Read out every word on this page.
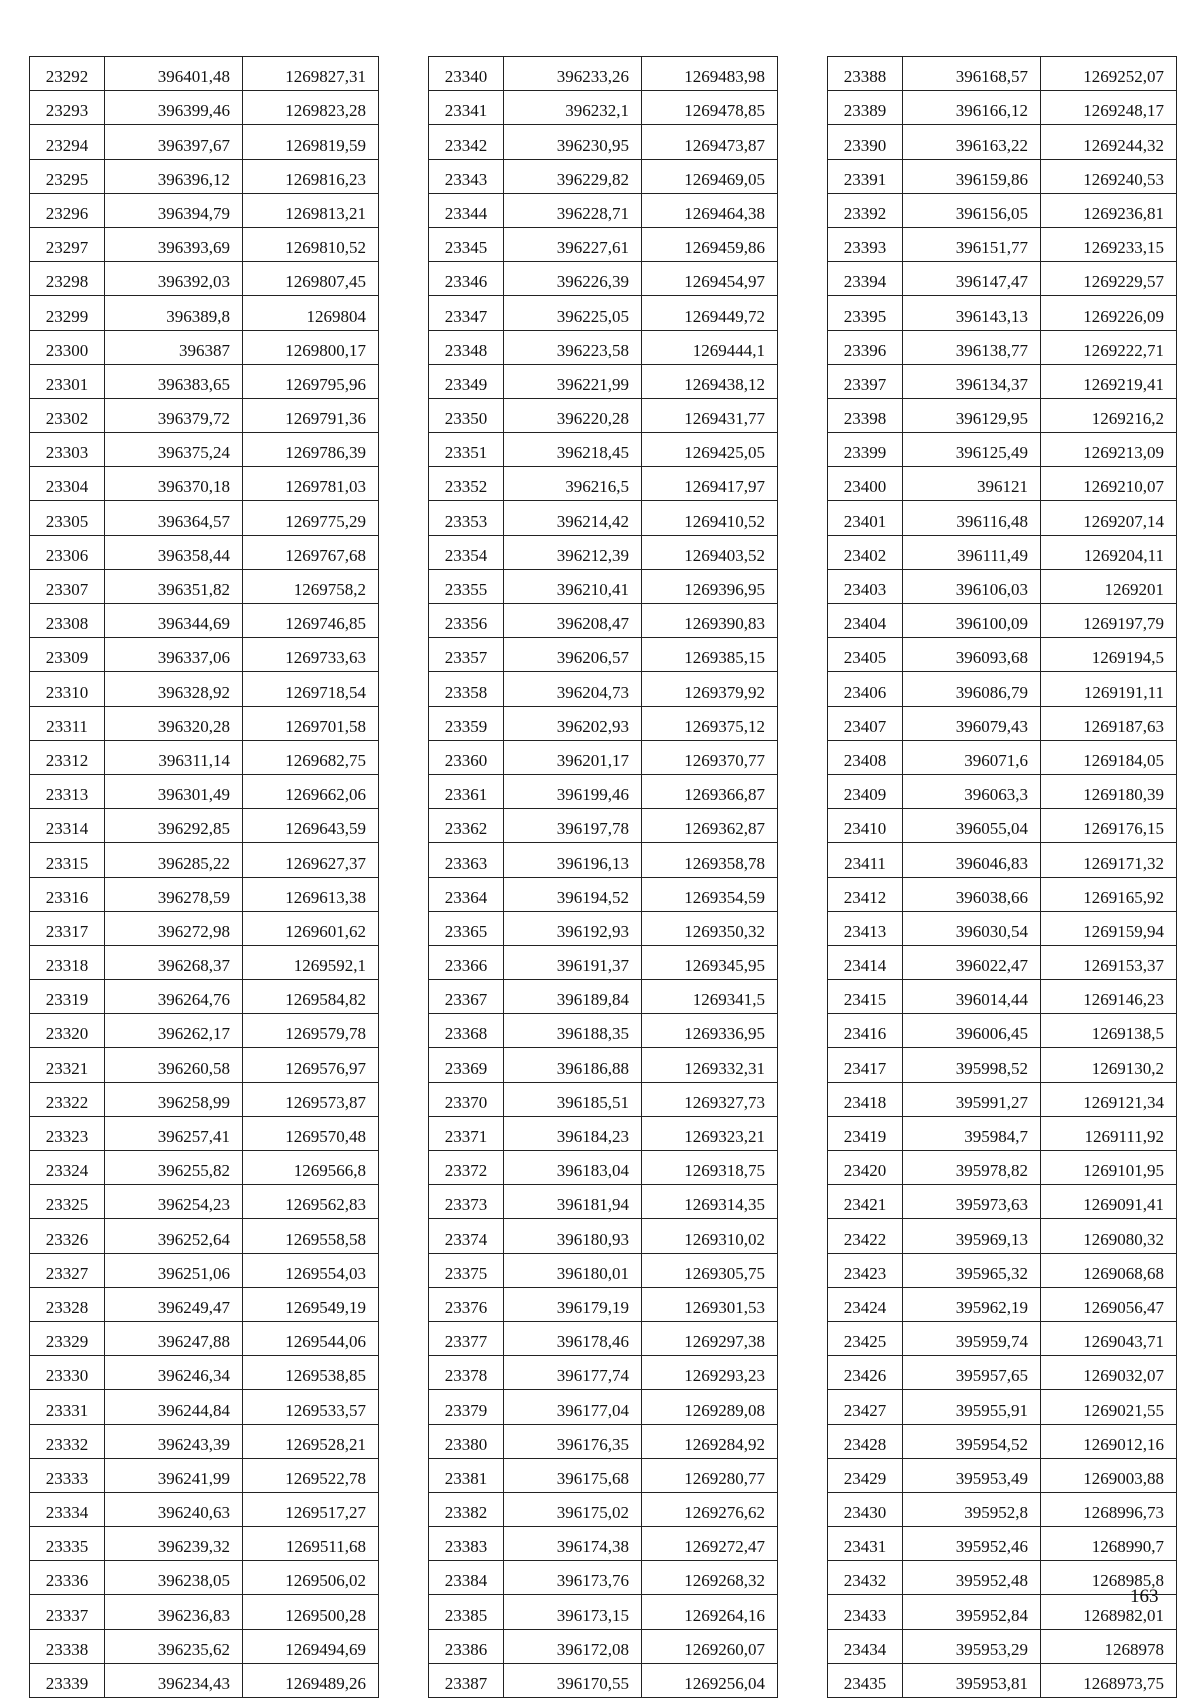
23292	396401,48	1269827,31
23293	396399,46	1269823,28
23294	396397,67	1269819,59
23295	396396,12	1269816,23
23296	396394,79	1269813,21
23297	396393,69	1269810,52
23298	396392,03	1269807,45
23299	396389,8	1269804
23300	396387	1269800,17
23301	396383,65	1269795,96
23302	396379,72	1269791,36
23303	396375,24	1269786,39
23304	396370,18	1269781,03
23305	396364,57	1269775,29
23306	396358,44	1269767,68
23307	396351,82	1269758,2
23308	396344,69	1269746,85
23309	396337,06	1269733,63
23310	396328,92	1269718,54
23311	396320,28	1269701,58
23312	396311,14	1269682,75
23313	396301,49	1269662,06
23314	396292,85	1269643,59
23315	396285,22	1269627,37
23316	396278,59	1269613,38
23317	396272,98	1269601,62
23318	396268,37	1269592,1
23319	396264,76	1269584,82
23320	396262,17	1269579,78
23321	396260,58	1269576,97
23322	396258,99	1269573,87
23323	396257,41	1269570,48
23324	396255,82	1269566,8
23325	396254,23	1269562,83
23326	396252,64	1269558,58
23327	396251,06	1269554,03
23328	396249,47	1269549,19
23329	396247,88	1269544,06
23330	396246,34	1269538,85
23331	396244,84	1269533,57
23332	396243,39	1269528,21
23333	396241,99	1269522,78
23334	396240,63	1269517,27
23335	396239,32	1269511,68
23336	396238,05	1269506,02
23337	396236,83	1269500,28
23338	396235,62	1269494,69
23339	396234,43	1269489,26
23340	396233,26	1269483,98
23341	396232,1	1269478,85
23342	396230,95	1269473,87
23343	396229,82	1269469,05
23344	396228,71	1269464,38
23345	396227,61	1269459,86
23346	396226,39	1269454,97
23347	396225,05	1269449,72
23348	396223,58	1269444,1
23349	396221,99	1269438,12
23350	396220,28	1269431,77
23351	396218,45	1269425,05
23352	396216,5	1269417,97
23353	396214,42	1269410,52
23354	396212,39	1269403,52
23355	396210,41	1269396,95
23356	396208,47	1269390,83
23357	396206,57	1269385,15
23358	396204,73	1269379,92
23359	396202,93	1269375,12
23360	396201,17	1269370,77
23361	396199,46	1269366,87
23362	396197,78	1269362,87
23363	396196,13	1269358,78
23364	396194,52	1269354,59
23365	396192,93	1269350,32
23366	396191,37	1269345,95
23367	396189,84	1269341,5
23368	396188,35	1269336,95
23369	396186,88	1269332,31
23370	396185,51	1269327,73
23371	396184,23	1269323,21
23372	396183,04	1269318,75
23373	396181,94	1269314,35
23374	396180,93	1269310,02
23375	396180,01	1269305,75
23376	396179,19	1269301,53
23377	396178,46	1269297,38
23378	396177,74	1269293,23
23379	396177,04	1269289,08
23380	396176,35	1269284,92
23381	396175,68	1269280,77
23382	396175,02	1269276,62
23383	396174,38	1269272,47
23384	396173,76	1269268,32
23385	396173,15	1269264,16
23386	396172,08	1269260,07
23387	396170,55	1269256,04
23388	396168,57	1269252,07
23389	396166,12	1269248,17
23390	396163,22	1269244,32
23391	396159,86	1269240,53
23392	396156,05	1269236,81
23393	396151,77	1269233,15
23394	396147,47	1269229,57
23395	396143,13	1269226,09
23396	396138,77	1269222,71
23397	396134,37	1269219,41
23398	396129,95	1269216,2
23399	396125,49	1269213,09
23400	396121	1269210,07
23401	396116,48	1269207,14
23402	396111,49	1269204,11
23403	396106,03	1269201
23404	396100,09	1269197,79
23405	396093,68	1269194,5
23406	396086,79	1269191,11
23407	396079,43	1269187,63
23408	396071,6	1269184,05
23409	396063,3	1269180,39
23410	396055,04	1269176,15
23411	396046,83	1269171,32
23412	396038,66	1269165,92
23413	396030,54	1269159,94
23414	396022,47	1269153,37
23415	396014,44	1269146,23
23416	396006,45	1269138,5
23417	395998,52	1269130,2
23418	395991,27	1269121,34
23419	395984,7	1269111,92
23420	395978,82	1269101,95
23421	395973,63	1269091,41
23422	395969,13	1269080,32
23423	395965,32	1269068,68
23424	395962,19	1269056,47
23425	395959,74	1269043,71
23426	395957,65	1269032,07
23427	395955,91	1269021,55
23428	395954,52	1269012,16
23429	395953,49	1269003,88
23430	395952,8	1268996,73
23431	395952,46	1268990,7
23432	395952,48	1268985,8
23433	395952,84	1268982,01
23434	395953,29	1268978
23435	395953,81	1268973,75
163
